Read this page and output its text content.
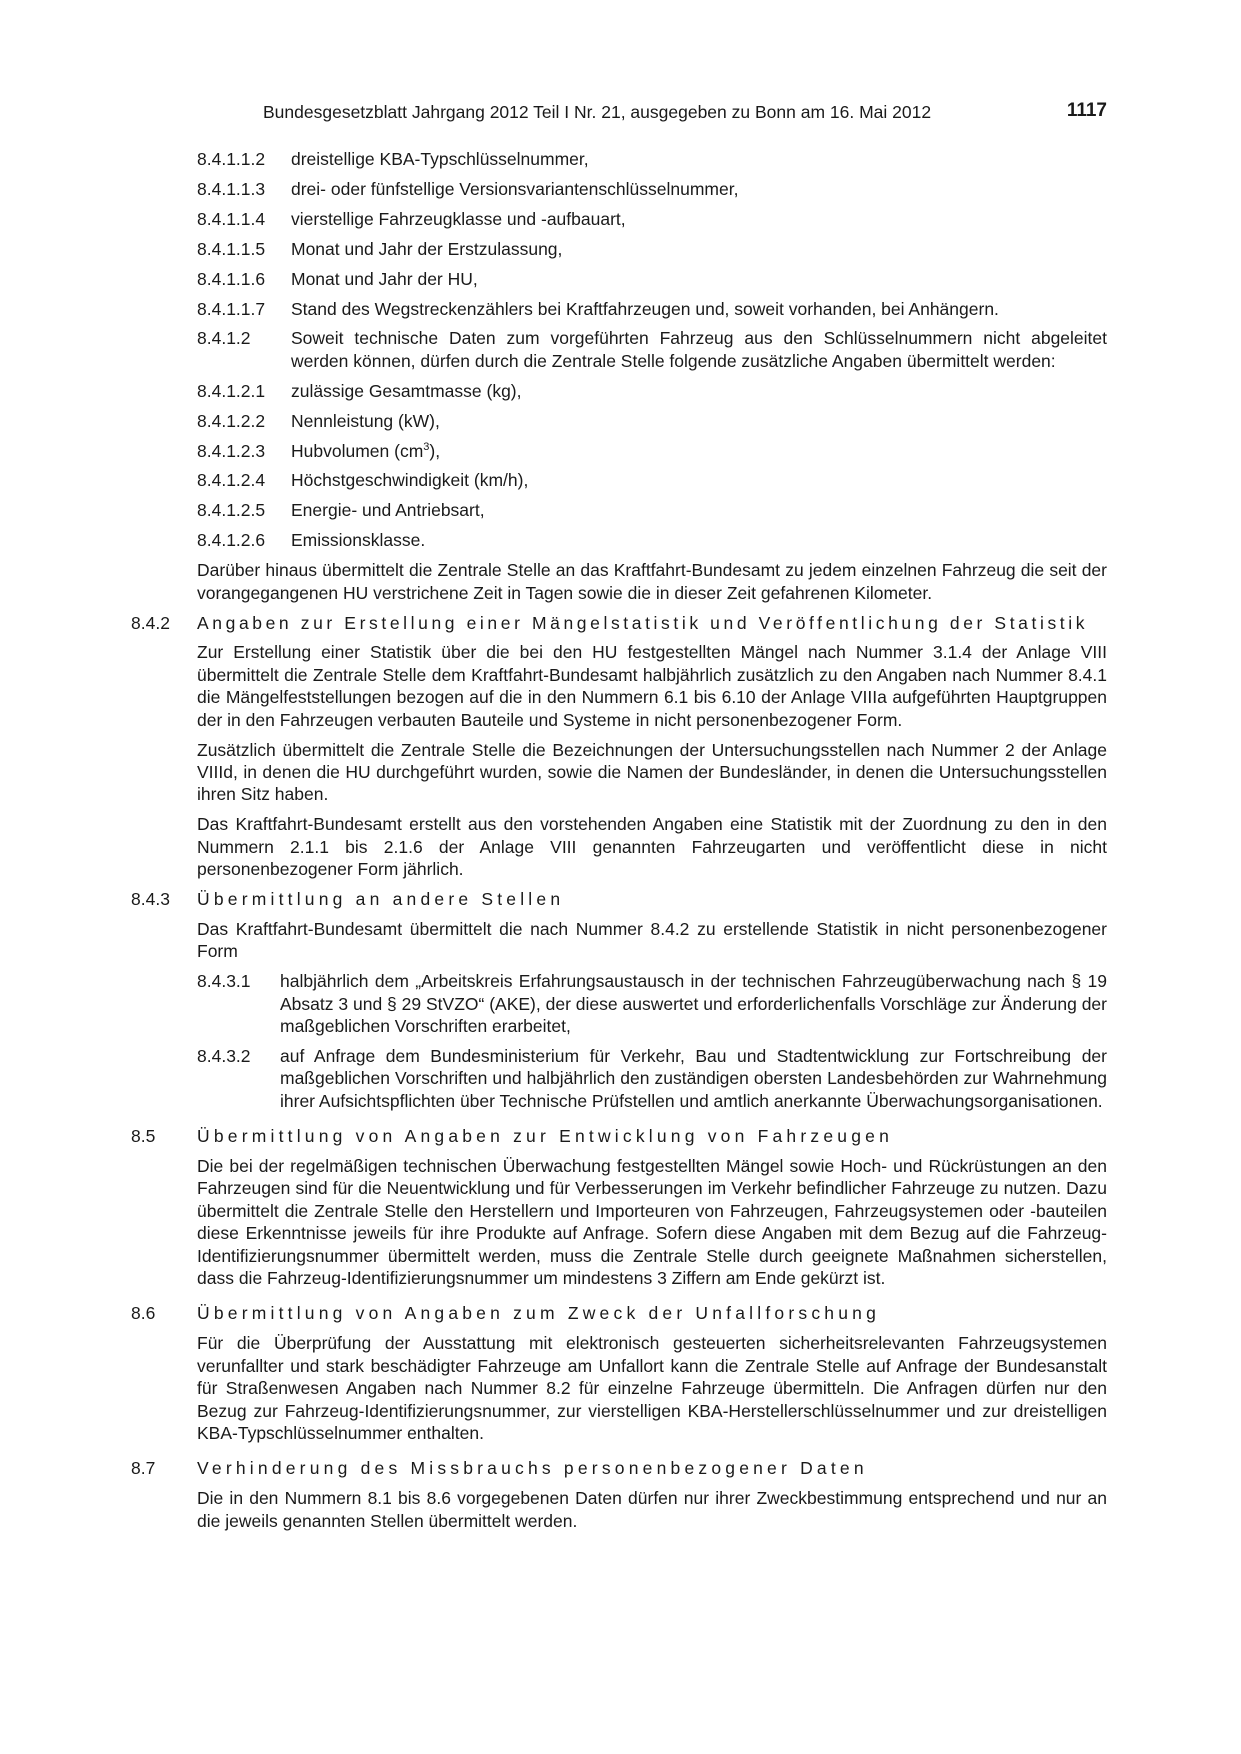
Bundesgesetzblatt Jahrgang 2012 Teil I Nr. 21, ausgegeben zu Bonn am 16. Mai 2012	1117
8.4.1.1.2 dreistellige KBA-Typschlüsselnummer,
8.4.1.1.3 drei- oder fünfstellige Versionsvariantenschlüsselnummer,
8.4.1.1.4 vierstellige Fahrzeugklasse und -aufbauart,
8.4.1.1.5 Monat und Jahr der Erstzulassung,
8.4.1.1.6 Monat und Jahr der HU,
8.4.1.1.7 Stand des Wegstreckenzählers bei Kraftfahrzeugen und, soweit vorhanden, bei Anhängern.
8.4.1.2 Soweit technische Daten zum vorgeführten Fahrzeug aus den Schlüsselnummern nicht abgeleitet werden können, dürfen durch die Zentrale Stelle folgende zusätzliche Angaben übermittelt werden:
8.4.1.2.1 zulässige Gesamtmasse (kg),
8.4.1.2.2 Nennleistung (kW),
8.4.1.2.3 Hubvolumen $(cm^3)$,
8.4.1.2.4 Höchstgeschwindigkeit (km/h),
8.4.1.2.5 Energie- und Antriebsart,
8.4.1.2.6 Emissionsklasse.
Darüber hinaus übermittelt die Zentrale Stelle an das Kraftfahrt-Bundesamt zu jedem einzelnen Fahrzeug die seit der vorangegangenen HU verstrichene Zeit in Tagen sowie die in dieser Zeit gefahrenen Kilometer.
8.4.2 Angaben zur Erstellung einer Mängelstatistik und Veröffentlichung der Statistik
Zur Erstellung einer Statistik über die bei den HU festgestellten Mängel nach Nummer 3.1.4 der Anlage VIII übermittelt die Zentrale Stelle dem Kraftfahrt-Bundesamt halbjährlich zusätzlich zu den Angaben nach Nummer 8.4.1 die Mängelfeststellungen bezogen auf die in den Nummern 6.1 bis 6.10 der Anlage VIIIa aufgeführten Hauptgruppen der in den Fahrzeugen verbauten Bauteile und Systeme in nicht personenbezogener Form.
Zusätzlich übermittelt die Zentrale Stelle die Bezeichnungen der Untersuchungsstellen nach Nummer 2 der Anlage VIIId, in denen die HU durchgeführt wurden, sowie die Namen der Bundesländer, in denen die Untersuchungsstellen ihren Sitz haben.
Das Kraftfahrt-Bundesamt erstellt aus den vorstehenden Angaben eine Statistik mit der Zuordnung zu den in den Nummern 2.1.1 bis 2.1.6 der Anlage VIII genannten Fahrzeugarten und veröffentlicht diese in nicht personenbezogener Form jährlich.
8.4.3 Übermittlung an andere Stellen
Das Kraftfahrt-Bundesamt übermittelt die nach Nummer 8.4.2 zu erstellende Statistik in nicht personenbezogener Form
8.4.3.1 halbjährlich dem „Arbeitskreis Erfahrungsaustausch in der technischen Fahrzeugüberwachung nach § 19 Absatz 3 und § 29 StVZO“ (AKE), der diese auswertet und erforderlichenfalls Vorschläge zur Änderung der maßgeblichen Vorschriften erarbeitet,
8.4.3.2 auf Anfrage dem Bundesministerium für Verkehr, Bau und Stadtentwicklung zur Fortschreibung der maßgeblichen Vorschriften und halbjährlich den zuständigen obersten Landesbehörden zur Wahrnehmung ihrer Aufsichtspflichten über Technische Prüfstellen und amtlich anerkannte Überwachungsorganisationen.
8.5 Übermittlung von Angaben zur Entwicklung von Fahrzeugen
Die bei der regelmäßigen technischen Überwachung festgestellten Mängel sowie Hoch- und Rückrüstungen an den Fahrzeugen sind für die Neuentwicklung und für Verbesserungen im Verkehr befindlicher Fahrzeuge zu nutzen. Dazu übermittelt die Zentrale Stelle den Herstellern und Importeuren von Fahrzeugen, Fahrzeugsystemen oder -bauteilen diese Erkenntnisse jeweils für ihre Produkte auf Anfrage. Sofern diese Angaben mit dem Bezug auf die Fahrzeug-Identifizierungsnummer übermittelt werden, muss die Zentrale Stelle durch geeignete Maßnahmen sicherstellen, dass die Fahrzeug-Identifizierungsnummer um mindestens 3 Ziffern am Ende gekürzt ist.
8.6 Übermittlung von Angaben zum Zweck der Unfallforschung
Für die Überprüfung der Ausstattung mit elektronisch gesteuerten sicherheitsrelevanten Fahrzeugsystemen verunfallter und stark beschädigter Fahrzeuge am Unfallort kann die Zentrale Stelle auf Anfrage der Bundesanstalt für Straßenwesen Angaben nach Nummer 8.2 für einzelne Fahrzeuge übermitteln. Die Anfragen dürfen nur den Bezug zur Fahrzeug-Identifizierungsnummer, zur vierstelligen KBA-Herstellerschlüsselnummer und zur dreistelligen KBA-Typschlüsselnummer enthalten.
8.7 Verhinderung des Missbrauchs personenbezogener Daten
Die in den Nummern 8.1 bis 8.6 vorgegebenen Daten dürfen nur ihrer Zweckbestimmung entsprechend und nur an die jeweils genannten Stellen übermittelt werden.
